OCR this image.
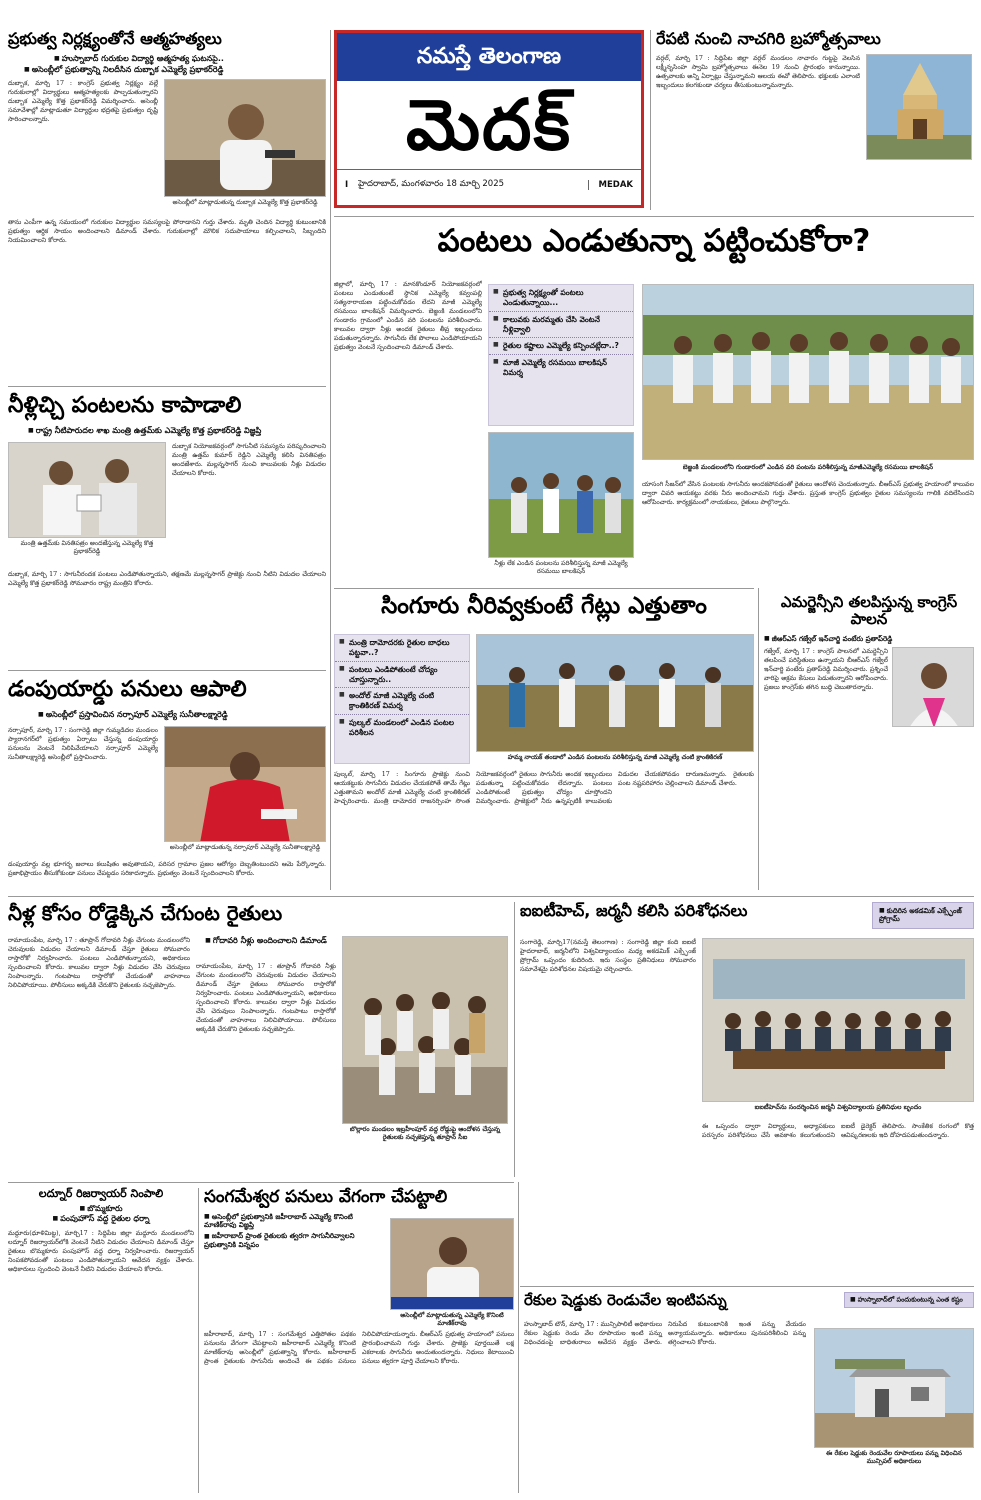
ప్రభుత్వ నిర్లక్ష్యంతోనే ఆత్మహత్యలు
■ హుస్నాబాద్ గురుకుల విద్యార్థి ఆత్మహత్య ఘటనపై..
■ అసెంబ్లీలో ప్రభుత్వాన్ని నిలదీసిన దుబ్బాక ఎమ్మెల్యే ప్రభాకర్‌రెడ్డి
దుబ్బాక, మార్చి 17 : కాంగ్రెస్ ప్రభుత్వ నిర్లక్ష్యం వల్లే గురుకులాల్లో విద్యార్థులు ఆత్మహత్యలకు పాల్పడుతున్నారని దుబ్బాక ఎమ్మెల్యే కొత్త ప్రభాకర్‌రెడ్డి విమర్శించారు. అసెంబ్లీ సమావేశాల్లో మాట్లాడుతూ విద్యార్థుల భద్రతపై ప్రభుత్వం దృష్టి సారించాలన్నారు.
అసెంబ్లీలో మాట్లాడుతున్న దుబ్బాక ఎమ్మెల్యే కొత్త ప్రభాకర్‌రెడ్డి
తాను ఎంపీగా ఉన్న సమయంలో గురుకుల విద్యార్థుల సమస్యలపై పోరాడానని గుర్తు చేశారు. మృతి చెందిన విద్యార్థి కుటుంబానికి ప్రభుత్వం ఆర్థిక సాయం అందించాలని డిమాండ్ చేశారు. గురుకులాల్లో మౌలిక సదుపాయాలు కల్పించాలని, సిబ్బందిని నియమించాలని కోరారు.
నీళ్లిచ్చి పంటలను కాపాడాలి
■ రాష్ట్ర నీటిపారుదల శాఖ మంత్రి ఉత్తమ్‌కు ఎమ్మెల్యే కొత్త ప్రభాకర్‌రెడ్డి విజ్ఞప్తి
మంత్రి ఉత్తమ్‌కు వినతిపత్రం అందజేస్తున్న ఎమ్మెల్యే కొత్త ప్రభాకర్‌రెడ్డి
దుబ్బాక నియోజకవర్గంలో సాగునీటి సమస్యను పరిష్కరించాలని మంత్రి ఉత్తమ్ కుమార్ రెడ్డిని ఎమ్మెల్యే కలిసి వినతిపత్రం అందజేశారు. మల్లన్నసాగర్ నుంచి కాలువలకు నీళ్లు విడుదల చేయాలని కోరారు.
దుబ్బాక, మార్చి 17 : సాగునీరందక పంటలు ఎండిపోతున్నాయని, తక్షణమే మల్లన్నసాగర్ ప్రాజెక్టు నుంచి నీటిని విడుదల చేయాలని ఎమ్మెల్యే కొత్త ప్రభాకర్‌రెడ్డి సోమవారం రాష్ట్ర మంత్రిని కోరారు.
డంపుయార్డు పనులు ఆపాలి
■ అసెంబ్లీలో ప్రస్తావించిన నర్సాపూర్ ఎమ్మెల్యే సునీతాలక్ష్మారెడ్డి
నర్సాపూర్, మార్చి 17 : సంగారెడ్డి జిల్లా గుమ్మడిదల మండలం ప్యారానగర్‌లో ప్రభుత్వం ఏర్పాటు చేస్తున్న డంపుయార్డు పనులను వెంటనే నిలిపివేయాలని నర్సాపూర్ ఎమ్మెల్యే సునీతాలక్ష్మారెడ్డి అసెంబ్లీలో ప్రస్తావించారు.
అసెంబ్లీలో మాట్లాడుతున్న నర్సాపూర్ ఎమ్మెల్యే సునీతాలక్ష్మారెడ్డి
డంపుయార్డు వల్ల భూగర్భ జలాలు కలుషితం అవుతాయని, పరిసర గ్రామాల ప్రజల ఆరోగ్యం దెబ్బతింటుందని ఆమె పేర్కొన్నారు. ప్రజాభిప్రాయం తీసుకోకుండా పనులు చేపట్టడం సరికాదన్నారు. ప్రభుత్వం వెంటనే స్పందించాలని కోరారు.
నమస్తే తెలంగాణ
మెదక్
I హైదరాబాద్, మంగళవారం 18 మార్చి 2025	MEDAK
రేపటి నుంచి నాచగిరి బ్రహ్మోత్సవాలు
వర్గల్, మార్చి 17 : సిద్దిపేట జిల్లా వర్గల్ మండలం నాచారం గుట్టపై వెలసిన లక్ష్మీనృసింహ స్వామి బ్రహ్మోత్సవాలు ఈనెల 19 నుంచి ప్రారంభం కానున్నాయి. ఉత్సవాలకు అన్ని ఏర్పాట్లు చేస్తున్నామని ఆలయ ఈవో తెలిపారు. భక్తులకు ఎలాంటి ఇబ్బందులు కలగకుండా చర్యలు తీసుకుంటున్నామన్నారు.
పంటలు ఎండుతున్నా పట్టించుకోరా?
జిల్లాలో, మార్చి 17 : మానకొండూర్ నియోజకవర్గంలో పంటలు ఎండుతుంటే స్థానిక ఎమ్మెల్యే కవ్వంపల్లి సత్యనారాయణ పట్టించుకోవడం లేదని మాజీ ఎమ్మెల్యే రసమయి బాలకిషన్ విమర్శించారు. బెజ్జంకి మండలంలోని గుండారం గ్రామంలో ఎండిన వరి పంటలను పరిశీలించారు. కాలువల ద్వారా నీళ్లు అందక రైతులు తీవ్ర ఇబ్బందులు పడుతున్నారన్నారు. సాగునీరు లేక పొలాలు ఎండిపోయాయని ప్రభుత్వం వెంటనే స్పందించాలని డిమాండ్ చేశారు.
■ ప్రభుత్వ నిర్లక్ష్యంతో పంటలు ఎండుతున్నాయి...
■ కాలువకు మరమ్మతు చేసి వెంటనే నీళ్లివ్వాలి
■ రైతుల కష్టాలు ఎమ్మెల్యే కన్పించట్లేదా..?
■ మాజీ ఎమ్మెల్యే రసమయి బాలకిషన్ విమర్శ
నీళ్లు లేక ఎండిన పంటలను పరిశీలిస్తున్న మాజీ ఎమ్మెల్యే రసమయి బాలకిషన్
బెజ్జంకి మండలంలోని గుండారంలో ఎండిన వరి పంటను పరిశీలిస్తున్న మాజీఎమ్మెల్యే రసమయి బాలకిషన్
యాసంగి సీజన్‌లో వేసిన పంటలకు సాగునీరు అందకపోవడంతో రైతులు ఆందోళన చెందుతున్నారు. బీఆర్ఎస్ ప్రభుత్వ హయాంలో కాలువల ద్వారా చివరి ఆయకట్టు వరకు నీరు అందించామని గుర్తు చేశారు. ప్రస్తుత కాంగ్రెస్ ప్రభుత్వం రైతుల సమస్యలను గాలికి వదిలేసిందని ఆరోపించారు. కార్యక్రమంలో నాయకులు, రైతులు పాల్గొన్నారు.
సింగూరు నీరివ్వకుంటే గేట్లు ఎత్తుతాం
■ మంత్రి దామోదరకు రైతుల బాధలు పట్టవా..?
■ పంటలు ఎండిపోతుంటే చోద్యం చూస్తున్నారు..
■ అందోల్ మాజీ ఎమ్మెల్యే చంటి క్రాంతికిరణ్ విమర్శ
■ పుల్కల్ మండలంలో ఎండిన పంటల పరిశీలన
హమ్మ నాయక్ తండాలో ఎండిన పంటలను పరిశీలిస్తున్న మాజీ ఎమ్మెల్యే చంటి క్రాంతికిరణ్
పుల్కల్, మార్చి 17 : సింగూరు ప్రాజెక్టు నుంచి ఆయకట్టుకు సాగునీరు విడుదల చేయకపోతే తామే గేట్లు ఎత్తుతామని అందోల్ మాజీ ఎమ్మెల్యే చంటి క్రాంతికిరణ్ హెచ్చరించారు. మంత్రి దామోదర రాజనర్సింహ సొంత నియోజకవర్గంలో రైతులు సాగునీరు అందక ఇబ్బందులు పడుతున్నా పట్టించుకోవడం లేదన్నారు. పంటలు ఎండిపోతుంటే ప్రభుత్వం చోద్యం చూస్తోందని విమర్శించారు. ప్రాజెక్టులో నీరు ఉన్నప్పటికీ కాలువలకు విడుదల చేయకపోవడం దారుణమన్నారు. రైతులకు పంట నష్టపరిహారం చెల్లించాలని డిమాండ్ చేశారు.
ఎమర్జెన్సీని తలపిస్తున్న కాంగ్రెస్ పాలన
■ జీఆర్ఎస్ గజ్వేల్ ఇన్‌చార్జి వంటేరు ప్రతాప్‌రెడ్డి
గజ్వేల్, మార్చి 17 : కాంగ్రెస్ పాలనలో ఎమర్జెన్సీని తలపించే పరిస్థితులు ఉన్నాయని బీఆర్ఎస్ గజ్వేల్ ఇన్‌చార్జి వంటేరు ప్రతాప్‌రెడ్డి విమర్శించారు. ప్రశ్నించే వారిపై అక్రమ కేసులు పెడుతున్నారని ఆరోపించారు. ప్రజలు కాంగ్రెస్‌కు తగిన బుద్ధి చెబుతారన్నారు.
నీళ్ల కోసం రోడ్డెక్కిన చేగుంట రైతులు
రామాయంపేట, మార్చి 17 : తూప్రాన్ గోదావరి నీళ్లు చేగుంట మండలంలోని చెరువులకు విడుదల చేయాలని డిమాండ్ చేస్తూ రైతులు సోమవారం రాస్తారోకో నిర్వహించారు. పంటలు ఎండిపోతున్నాయని, అధికారులు స్పందించాలని కోరారు. కాలువల ద్వారా నీళ్లు విడుదల చేసి చెరువులు నింపాలన్నారు. గంటపాటు రాస్తారోకో చేయడంతో వాహనాలు నిలిచిపోయాయి. పోలీసులు అక్కడికి చేరుకొని రైతులకు నచ్చజెప్పారు.
■ గోదావరి నీళ్లు అందించాలని డిమాండ్
రామాయంపేట, మార్చి 17 : తూప్రాన్ గోదావరి నీళ్లు చేగుంట మండలంలోని చెరువులకు విడుదల చేయాలని డిమాండ్ చేస్తూ రైతులు సోమవారం రాస్తారోకో నిర్వహించారు. పంటలు ఎండిపోతున్నాయని, అధికారులు స్పందించాలని కోరారు. కాలువల ద్వారా నీళ్లు విడుదల చేసి చెరువులు నింపాలన్నారు. గంటపాటు రాస్తారోకో చేయడంతో వాహనాలు నిలిచిపోయాయి. పోలీసులు అక్కడికి చేరుకొని రైతులకు నచ్చజెప్పారు.
బొల్లారం మండలం ఇబ్రహీంపూర్ వద్ద రోడ్డుపై ఆందోళన చేస్తున్న రైతులకు నచ్చజెప్తున్న తూప్రాన్ సీఐ
ఐఐటీహెచ్, జర్మనీ కలిసి పరిశోధనలు	■ కుదిరిన అకడమిక్ ఎక్స్ఛేంజ్ ప్రోగ్రామ్
సంగారెడ్డి, మార్చి17(నమస్తే తెలంగాణ) : సంగారెడ్డి జిల్లా కంది ఐఐటీ హైదరాబాద్, జర్మనీలోని విశ్వవిద్యాలయం మధ్య అకడమిక్ ఎక్స్ఛేంజ్ ప్రోగ్రామ్ ఒప్పందం కుదిరింది. ఇరు సంస్థల ప్రతినిధులు సోమవారం సమావేశమై పరిశోధనల విషయమై చర్చించారు.
ఐఐటీహెచ్‌ను సందర్శించిన జర్మనీ విశ్వవిద్యాలయ ప్రతినిధుల బృందం
ఈ ఒప్పందం ద్వారా విద్యార్థులు, అధ్యాపకులు పరస్పరం పరిశోధనలు చేసే అవకాశం కలుగుతుందని ఐఐటీ డైరెక్టర్ తెలిపారు. సాంకేతిక రంగంలో కొత్త ఆవిష్కరణలకు ఇది దోహదపడుతుందన్నారు.
లద్నూర్ రిజర్వాయర్ నింపాలి
■ బొమ్మకూరు
■ పంపుహౌస్ వద్ద రైతుల ధర్నా
మద్దూరు(ధూళిమిట్ట), మార్చి17 : సిద్దిపేట జిల్లా మద్దూరు మండలంలోని లద్నూర్ రిజర్వాయర్‌లోకి వెంటనే నీటిని విడుదల చేయాలని డిమాండ్ చేస్తూ రైతులు బొమ్మకూరు పంపుహౌస్ వద్ద ధర్నా నిర్వహించారు. రిజర్వాయర్ నింపకపోవడంతో పంటలు ఎండిపోతున్నాయని ఆవేదన వ్యక్తం చేశారు. అధికారులు స్పందించి వెంటనే నీటిని విడుదల చేయాలని కోరారు.
సంగమేశ్వర పనులు వేగంగా చేపట్టాలి
■ అసెంబ్లీలో ప్రభుత్వానికి జహీరాబాద్ ఎమ్మెల్యే కొనింటి మాణిక్‌రావు విజ్ఞప్తి
■ జహీరాబాద్ ప్రాంత రైతులకు త్వరగా సాగునీరివ్వాలని ప్రభుత్వానికి విన్నపం
అసెంబ్లీలో మాట్లాడుతున్న ఎమ్మెల్యే కొనింటి మాణిక్‌రావు
జహీరాబాద్, మార్చి 17 : సంగమేశ్వర ఎత్తిపోతల పథకం పనులను వేగంగా చేపట్టాలని జహీరాబాద్ ఎమ్మెల్యే కొనింటి మాణిక్‌రావు అసెంబ్లీలో ప్రభుత్వాన్ని కోరారు. జహీరాబాద్ ప్రాంత రైతులకు సాగునీరు అందించే ఈ పథకం పనులు నిలిచిపోయాయన్నారు. బీఆర్ఎస్ ప్రభుత్వ హయాంలో పనులు ప్రారంభించామని గుర్తు చేశారు. ప్రాజెక్టు పూర్తయితే లక్ష ఎకరాలకు సాగునీరు అందుతుందన్నారు. నిధులు కేటాయించి పనులు త్వరగా పూర్తి చేయాలని కోరారు.
రేకుల షెడ్డుకు రెండువేల ఇంటిపన్ను	■ హుస్నాబాద్‌లో పందుకుంటున్న ఎంత కష్టం
హుస్నాబాద్ టౌన్, మార్చి 17 : మున్సిపాలిటీ అధికారులు రేకుల షెడ్డుకు రెండు వేల రూపాయల ఇంటి పన్ను విధించడంపై బాధితురాలు ఆవేదన వ్యక్తం చేశారు. నిరుపేద కుటుంబానికి ఇంత పన్ను వేయడం అన్యాయమన్నారు. అధికారులు పునఃపరిశీలించి పన్ను తగ్గించాలని కోరారు.
ఈ రేకుల షెడ్డుకు రెండువేల రూపాయలు పన్ను విధించిన మున్సిపల్ అధికారులు
